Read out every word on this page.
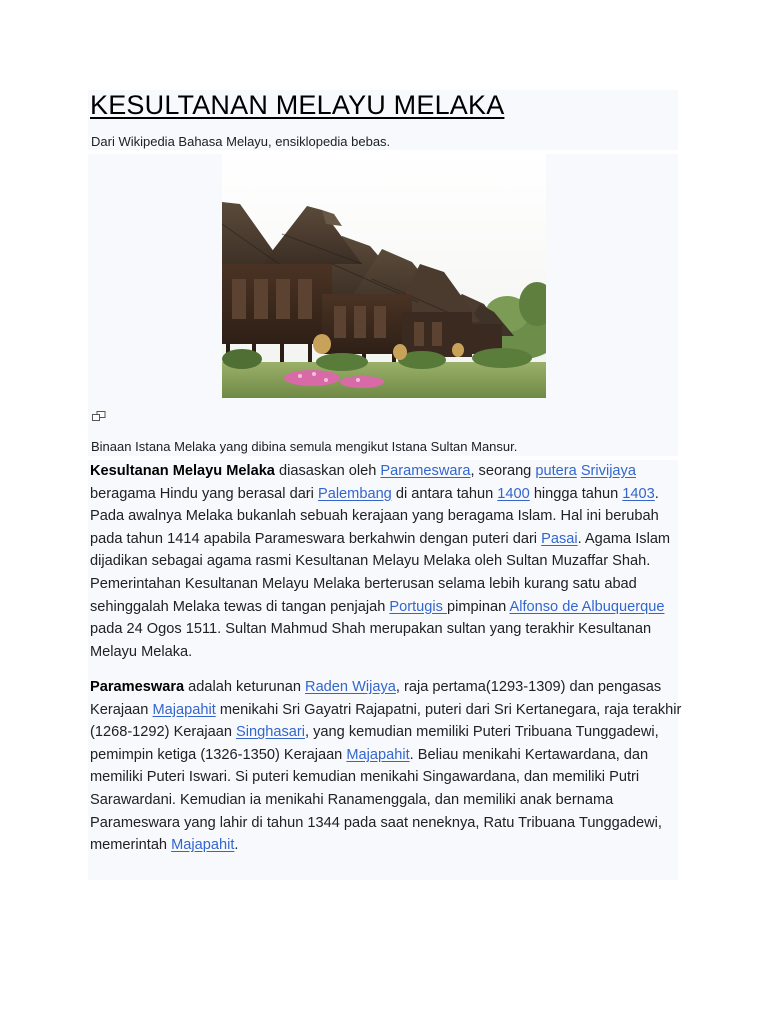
KESULTANAN MELAYU MELAKA
Dari Wikipedia Bahasa Melayu, ensiklopedia bebas.
Binaan Istana Melaka yang dibina semula mengikut Istana Sultan Mansur.

Kesultanan Melayu Melaka diasaskan oleh Parameswara, seorang putera Srivijaya beragama Hindu yang berasal dari Palembang di antara tahun 1400 hingga tahun 1403. Pada awalnya Melaka bukanlah sebuah kerajaan yang beragama Islam. Hal ini berubah pada tahun 1414 apabila Parameswara berkahwin dengan puteri dari Pasai. Agama Islam dijadikan sebagai agama rasmi Kesultanan Melayu Melaka oleh Sultan Muzaffar Shah. Pemerintahan Kesultanan Melayu Melaka berterusan selama lebih kurang satu abad sehinggalah Melaka tewas di tangan penjajah Portugis pimpinan Alfonso de Albuquerque pada 24 Ogos 1511. Sultan Mahmud Shah merupakan sultan yang terakhir Kesultanan Melayu Melaka.

Parameswara adalah keturunan Raden Wijaya, raja pertama(1293-1309) dan pengasas Kerajaan Majapahit menikahi Sri Gayatri Rajapatni, puteri dari Sri Kertanegara, raja terakhir (1268-1292) Kerajaan Singhasari, yang kemudian memiliki Puteri Tribuana Tunggadewi, pemimpin ketiga (1326-1350) Kerajaan Majapahit. Beliau menikahi Kertawardana, dan memiliki Puteri Iswari. Si puteri kemudian menikahi Singawardana, dan memiliki Putri Sarawardani. Kemudian ia menikahi Ranamenggala, dan memiliki anak bernama Parameswara yang lahir di tahun 1344 pada saat neneknya, Ratu Tribuana Tunggadewi, memerintah Majapahit.
